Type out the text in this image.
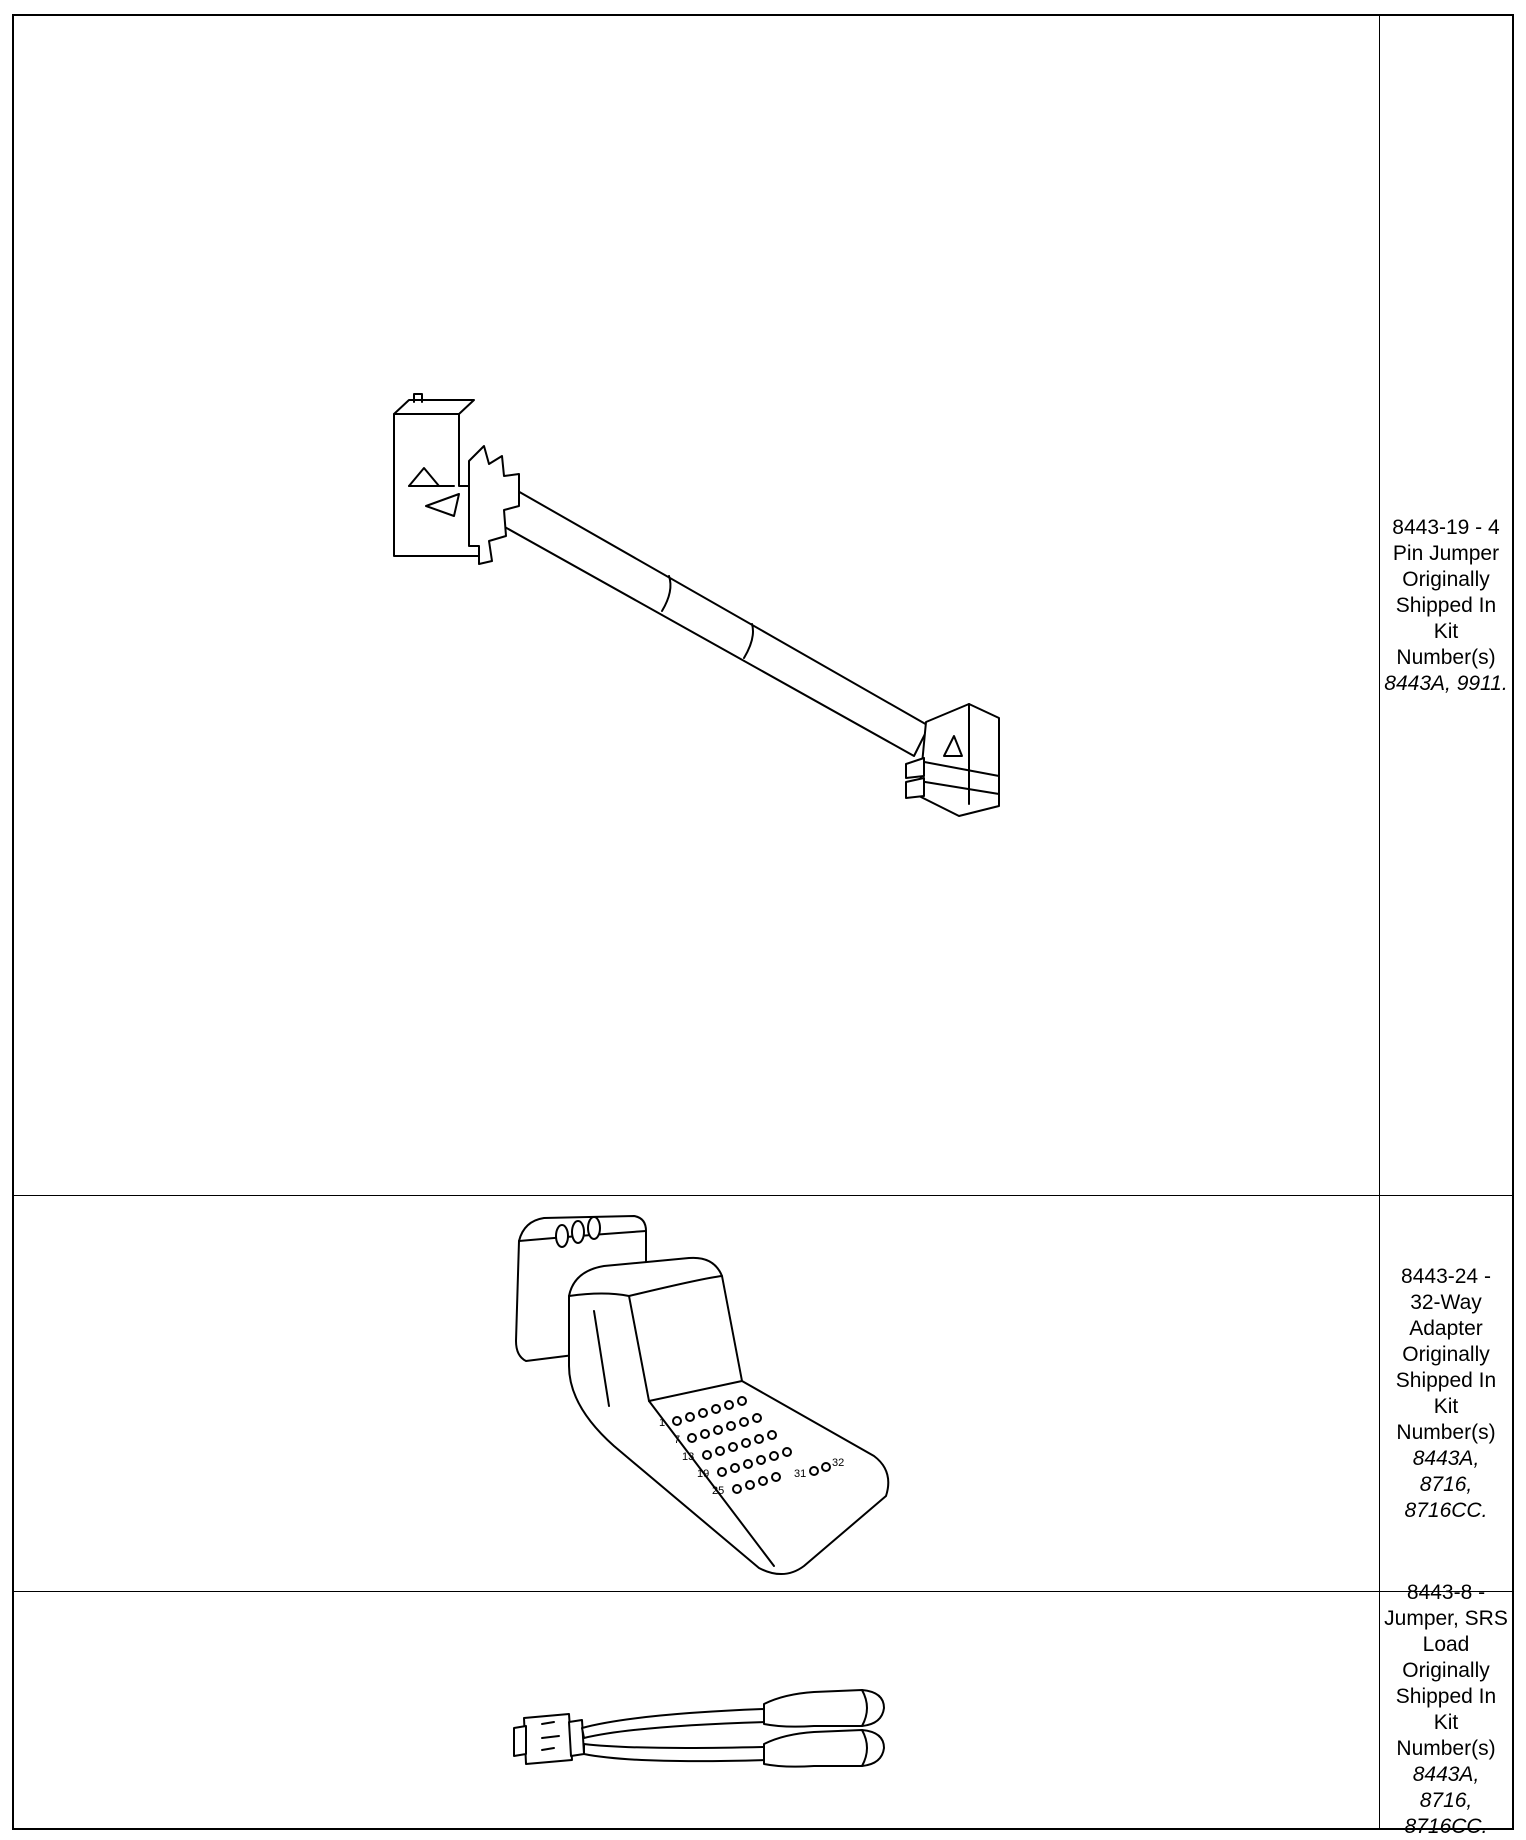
8443-19 - 4
Pin Jumper
Originally Shipped In Kit Number(s)
8443A, 9911.
1
7
13
19
25
31
32
8443-24 -
32-Way Adapter
Originally Shipped In Kit Number(s)
8443A, 8716, 8716CC.
8443-8 -
Jumper, SRS Load
Originally Shipped In Kit Number(s)
8443A, 8716, 8716CC.
